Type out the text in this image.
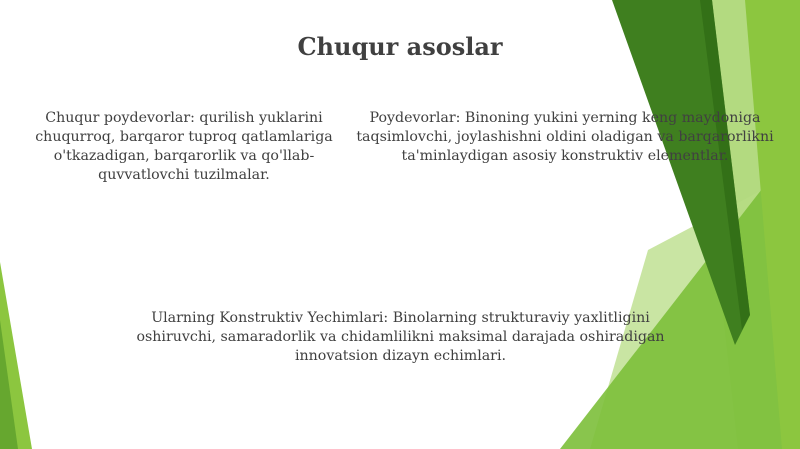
Chuqur asoslar
Chuqur poydevorlar: qurilish yuklarini chuqurroq, barqaror tuproq qatlamlariga o'tkazadigan, barqarorlik va qo'llab-quvvatlovchi tuzilmalar.
Poydevorlar: Binoning yukini yerning keng maydoniga taqsimlovchi, joylashishni oldini oladigan va barqarorlikni ta'minlaydigan asosiy konstruktiv elementlar.
Ularning Konstruktiv Yechimlari: Binolarning strukturaviy yaxlitligini oshiruvchi, samaradorlik va chidamlilikni maksimal darajada oshiradigan innovatsion dizayn echimlari.
